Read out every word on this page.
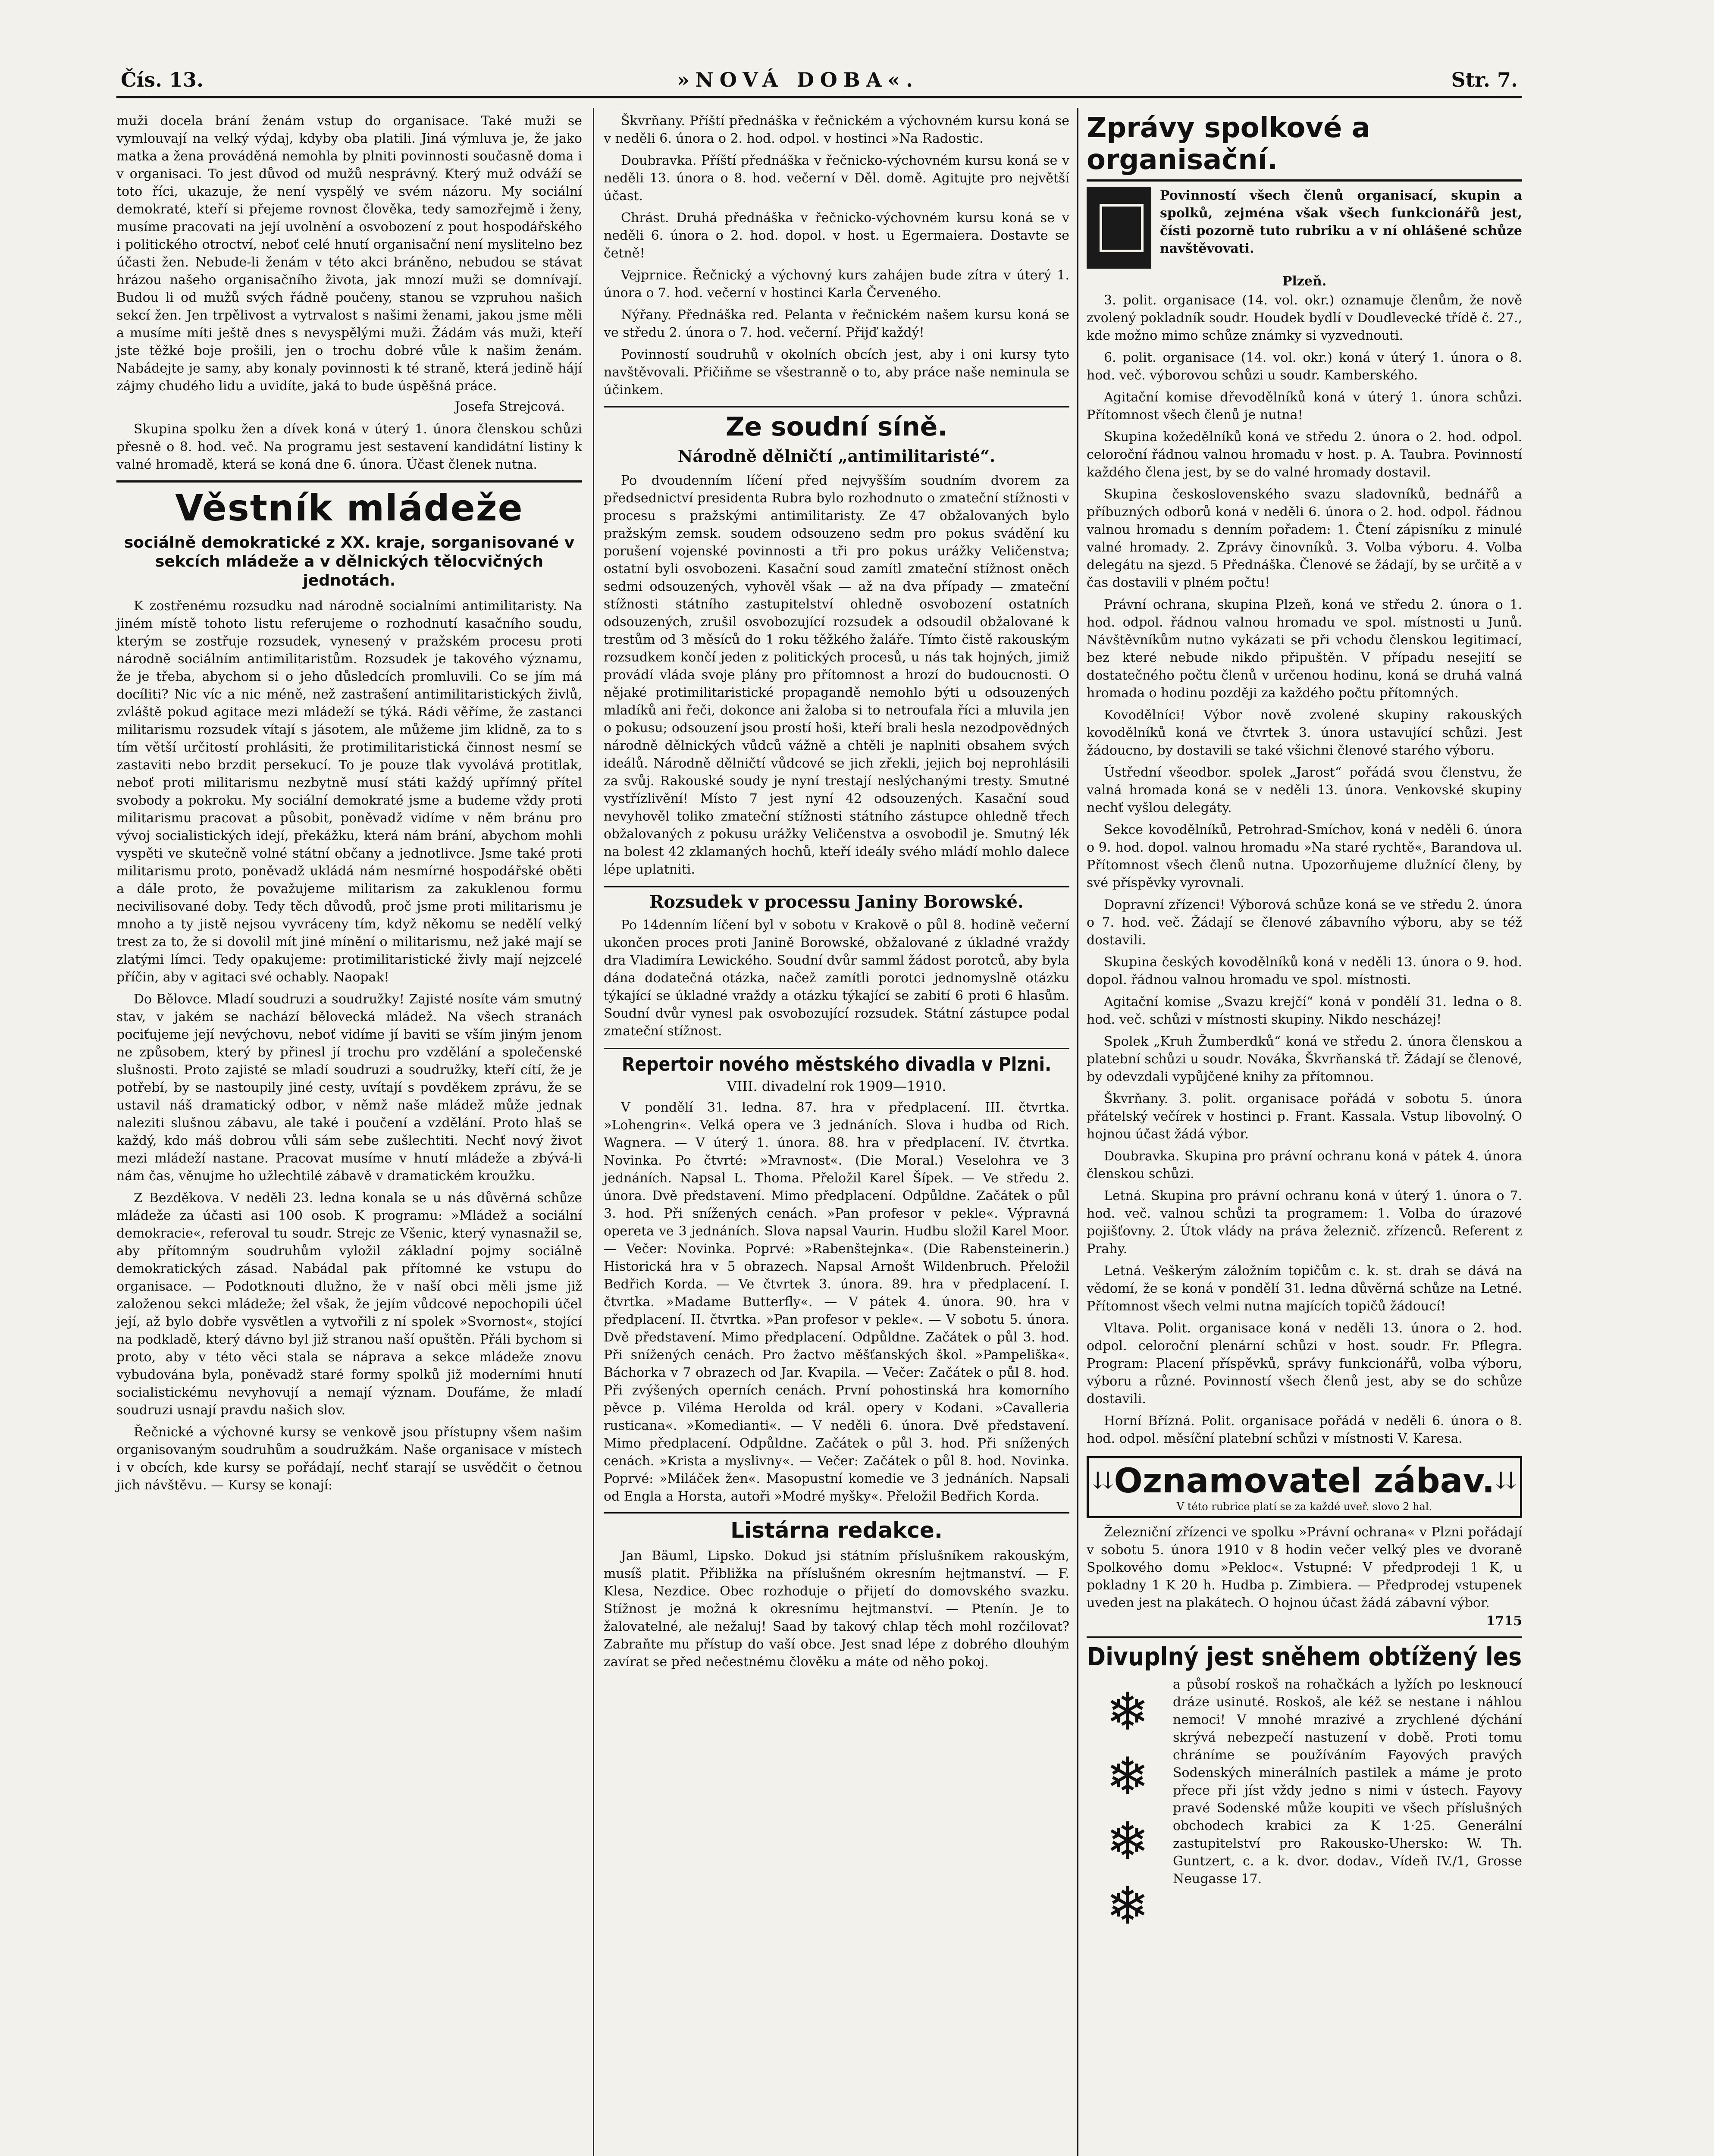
Čís. 13.	»NOVÁ DOBA«.	Str. 7.

muži docela brání ženám vstup do organisace. Také muži se vymlouvají na velký výdaj, kdyby oba platili. Jiná výmluva je, že jako matka a žena prováděná nemohla by plniti povinnosti současně doma i v organisaci. To jest důvod od mužů nesprávný. Který muž odváží se toto říci, ukazuje, že není vyspělý ve svém názoru. My sociální demokraté, kteří si přejeme rovnost člověka, tedy samozřejmě i ženy, musíme pracovati na její uvolnění a osvobození z pout hospodářského i politického otroctví, neboť celé hnutí organisační není myslitelno bez účasti žen. Nebude-li ženám v této akci bráněno, nebudou se stávat hrázou našeho organisačního života, jak mnozí muži se domnívají. Budou li od mužů svých řádně poučeny, stanou se vzpruhou našich sekcí žen. Jen trpělivost a vytrvalost s našimi ženami, jakou jsme měli a musíme míti ještě dnes s nevyspělými muži. Žádám vás muži, kteří jste těžké boje prošili, jen o trochu dobré vůle k našim ženám. Nabádejte je samy, aby konaly povinnosti k té straně, která jedině hájí zájmy chudého lidu a uvidíte, jaká to bude úspěšná práce.

Josefa Strejcová.

Skupina spolku žen a dívek koná v úterý 1. února členskou schůzi přesně o 8. hod. več. Na programu jest sestavení kandidátní listiny k valné hromadě, která se koná dne 6. února. Účast členek nutna.

Věstník mládeže
sociálně demokratické z XX. kraje, sorganisované v sekcích mládeže a v dělnických tělocvičných jednotách.

K zostřenému rozsudku nad národně socialními antimilitaristy. Na jiném místě tohoto listu referujeme o rozhodnutí kasačního soudu, kterým se zostřuje rozsudek, vynesený v pražském procesu proti národně sociálním antimilitaristům. Rozsudek je takového významu, že je třeba, abychom si o jeho důsledcích promluvili. Co se jím má docíliti? Nic víc a nic méně, než zastrašení antimilitaristických živlů, zvláště pokud agitace mezi mládeží se týká. Rádi věříme, že zastanci militarismu rozsudek vítají s jásotem, ale můžeme jim klidně, za to s tím větší určitostí prohlásiti, že protimilitaristická činnost nesmí se zastaviti nebo brzdit persekucí. To je pouze tlak vyvolává protitlak, neboť proti militarismu nezbytně musí státi každý upřímný přítel svobody a pokroku. My sociální demokraté jsme a budeme vždy proti militarismu pracovat a působit, poněvadž vidíme v něm bránu pro vývoj socialistických idejí, překážku, která nám brání, abychom mohli vyspěti ve skutečně volné státní občany a jednotlivce. Jsme také proti militarismu proto, poněvadž ukládá nám nesmírné hospodářské oběti a dále proto, že považujeme militarism za zakuklenou formu necivilisované doby. Tedy těch důvodů, proč jsme proti militarismu je mnoho a ty jistě nejsou vyvráceny tím, když někomu se nedělí velký trest za to, že si dovolil mít jiné mínění o militarismu, než jaké mají se zlatými límci. Tedy opakujeme: protimilitaristické živly mají nejzcelé příčin, aby v agitaci své ochably. Naopak!

Do Bělovce. Mladí soudruzi a soudružky! Zajisté nosíte vám smutný stav, v jakém se nachází bělovecká mládež. Na všech stranách pociťujeme její nevýchovu, neboť vidíme jí baviti se vším jiným jenom ne způsobem, který by přinesl jí trochu pro vzdělání a společenské slušnosti. Proto zajisté se mladí soudruzi a soudružky, kteří cítí, že je potřebí, by se nastoupily jiné cesty, uvítají s povděkem zprávu, že se ustavil náš dramatický odbor, v němž naše mládež může jednak naleziti slušnou zábavu, ale také i poučení a vzdělání. Proto hlaš se každý, kdo máš dobrou vůli sám sebe zušlechtiti. Nechť nový život mezi mládeží nastane. Pracovat musíme v hnutí mládeže a zbývá-li nám čas, věnujme ho užlechtilé zábavě v dramatickém kroužku.

Z Bezděkova. V neděli 23. ledna konala se u nás důvěrná schůze mládeže za účasti asi 100 osob. K programu: »Mládež a sociální demokracie«, referoval tu soudr. Strejc ze Všenic, který vynasnažil se, aby přítomným soudruhům vyložil základní pojmy sociálně demokratických zásad. Nabádal pak přítomné ke vstupu do organisace. — Podotknouti dlužno, že v naší obci měli jsme již založenou sekci mládeže; žel však, že jejím vůdcové nepochopili účel její, až bylo dobře vysvětlen a vytvořili z ní spolek »Svornost«, stojící na podkladě, který dávno byl již stranou naší opuštěn. Přáli bychom si proto, aby v této věci stala se náprava a sekce mládeže znovu vybudována byla, poněvadž staré formy spolků již moderními hnutí socialistickému nevyhovují a nemají význam. Doufáme, že mladí soudruzi usnají pravdu našich slov.

Řečnické a výchovné kursy se venkově jsou přístupny všem našim organisovaným soudruhům a soudružkám. Naše organisace v místech i v obcích, kde kursy se pořádají, nechť starají se usvědčit o četnou jich návštěvu. — Kursy se konají:

Škvrňany. Příští přednáška v řečnickém a výchovném kursu koná se v neděli 6. února o 2. hod. odpol. v hostinci »Na Radostic.

Doubravka. Příští přednáška v řečnicko-výchovném kursu koná se v neděli 13. února o 8. hod. večerní v Děl. domě. Agitujte pro největší účast.

Chrást. Druhá přednáška v řečnicko-výchovném kursu koná se v neděli 6. února o 2. hod. dopol. v host. u Egermaiera. Dostavte se četně!

Vejprnice. Řečnický a výchovný kurs zahájen bude zítra v úterý 1. února o 7. hod. večerní v hostinci Karla Červeného.

Nýřany. Přednáška red. Pelanta v řečnickém našem kursu koná se ve středu 2. února o 7. hod. večerní. Přijď každý!

Povinností soudruhů v okolních obcích jest, aby i oni kursy tyto navštěvovali. Přičiňme se všestranně o to, aby práce naše neminula se účinkem.

Ze soudní síně.
Národně dělničtí „antimilitaristé“.

Po dvoudenním líčení před nejvyšším soudním dvorem za předsednictví presidenta Rubra bylo rozhodnuto o zmateční stížnosti v procesu s pražskými antimilitaristy. Ze 47 obžalovaných bylo pražským zemsk. soudem odsouzeno sedm pro pokus svádění ku porušení vojenské povinnosti a tři pro pokus urážky Veličenstva; ostatní byli osvobozeni. Kasační soud zamítl zmateční stížnost oněch sedmi odsouzených, vyhověl však — až na dva případy — zmateční stížnosti státního zastupitelství ohledně osvobození ostatních odsouzených, zrušil osvobozující rozsudek a odsoudil obžalované k trestům od 3 měsíců do 1 roku těžkého žaláře. Tímto čistě rakouským rozsudkem končí jeden z politických procesů, u nás tak hojných, jimiž provádí vláda svoje plány pro přítomnost a hrozí do budoucnosti. O nějaké protimilitaristické propagandě nemohlo býti u odsouzených mladíků ani řeči, dokonce ani žaloba si to netroufala říci a mluvila jen o pokusu; odsouzení jsou prostí hoši, kteří brali hesla nezodpovědných národně dělnických vůdců vážně a chtěli je naplniti obsahem svých ideálů. Národně dělničtí vůdcové se jich zřekli, jejich boj neprohlásili za svůj. Rakouské soudy je nyní trestají neslýchanými tresty. Smutné vystřízlivění! Místo 7 jest nyní 42 odsouzených. Kasační soud nevyhověl toliko zmateční stížnosti státního zástupce ohledně třech obžalovaných z pokusu urážky Veličenstva a osvobodil je. Smutný lék na bolest 42 zklamaných hochů, kteří ideály svého mládí mohlo dalece lépe uplatniti.

Rozsudek v processu Janiny Borowské.

Po 14denním líčení byl v sobotu v Krakově o půl 8. hodině večerní ukončen proces proti Janině Borowské, obžalované z úkladné vraždy dra Vladimíra Lewického. Soudní dvůr samml žádost porotců, aby byla dána dodatečná otázka, načež zamítli porotci jednomyslně otázku týkající se úkladné vraždy a otázku týkající se zabití 6 proti 6 hlasům. Soudní dvůr vynesl pak osvobozující rozsudek. Státní zástupce podal zmateční stížnost.

Repertoir nového městského divadla v Plzni.
VIII. divadelní rok 1909—1910.

V pondělí 31. ledna. 87. hra v předplacení. III. čtvrtka. »Lohengrin«. Velká opera ve 3 jednáních. Slova i hudba od Rich. Wagnera. — V úterý 1. února. 88. hra v předplacení. IV. čtvrtka. Novinka. Po čtvrté: »Mravnost«. (Die Moral.) Veselohra ve 3 jednáních. Napsal L. Thoma. Přeložil Karel Šípek. — Ve středu 2. února. Dvě představení. Mimo předplacení. Odpůldne. Začátek o půl 3. hod. Při snížených cenách. »Pan profesor v pekle«. Výpravná opereta ve 3 jednáních. Slova napsal Vaurin. Hudbu složil Karel Moor. — Večer: Novinka. Poprvé: »Rabenštejnka«. (Die Rabensteinerin.) Historická hra v 5 obrazech. Napsal Arnošt Wildenbruch. Přeložil Bedřich Korda. — Ve čtvrtek 3. února. 89. hra v předplacení. I. čtvrtka. »Madame Butterfly«. — V pátek 4. února. 90. hra v předplacení. II. čtvrtka. »Pan profesor v pekle«. — V sobotu 5. února. Dvě představení. Mimo předplacení. Odpůldne. Začátek o půl 3. hod. Při snížených cenách. Pro žactvo měšťanských škol. »Pampeliška«. Báchorka v 7 obrazech od Jar. Kvapila. — Večer: Začátek o půl 8. hod. Při zvýšených operních cenách. První pohostinská hra komorního pěvce p. Viléma Herolda od král. opery v Kodani. »Cavalleria rusticana«. »Komedianti«. — V neděli 6. února. Dvě představení. Mimo předplacení. Odpůldne. Začátek o půl 3. hod. Při snížených cenách. »Krista a myslivny«. — Večer: Začátek o půl 8. hod. Novinka. Poprvé: »Miláček žen«. Masopustní komedie ve 3 jednáních. Napsali od Engla a Horsta, autoři »Modré myšky«. Přeložil Bedřich Korda.

Listárna redakce.

Jan Bäuml, Lipsko. Dokud jsi státním příslušníkem rakouským, musíš platit. Přibližka na příslušném okresním hejtmanství. — F. Klesa, Nezdice. Obec rozhoduje o přijetí do domovského svazku. Stížnost je možná k okresnímu hejtmanství. — Ptenín. Je to žalovatelné, ale nežaluj! Saad by takový chlap těch mohl rozčilovat? Zabraňte mu přístup do vaší obce. Jest snad lépe z dobrého dlouhým zavírat se před nečestnému člověku a máte od něho pokoj.

Zprávy spolkové a organisační.

Povinností všech členů organisací, skupin a spolků, zejména však všech funkcionářů jest, čísti pozorně tuto rubriku a v ní ohlášené schůze navštěvovati.

Plzeň.

3. polit. organisace (14. vol. okr.) oznamuje členům, že nově zvolený pokladník soudr. Houdek bydlí v Doudlevecké třídě č. 27., kde možno mimo schůze známky si vyzvednouti.

6. polit. organisace (14. vol. okr.) koná v úterý 1. února o 8. hod. več. výborovou schůzi u soudr. Kamberského.

Agitační komise dřevodělníků koná v úterý 1. února schůzi. Přítomnost všech členů je nutna!

Skupina kožedělníků koná ve středu 2. února o 2. hod. odpol. celoroční řádnou valnou hromadu v host. p. A. Taubra. Povinností každého člena jest, by se do valné hromady dostavil.

Skupina československého svazu sladovníků, bednářů a příbuzných odborů koná v neděli 6. února o 2. hod. odpol. řádnou valnou hromadu s denním pořadem: 1. Čtení zápisníku z minulé valné hromady. 2. Zprávy činovníků. 3. Volba výboru. 4. Volba delegátu na sjezd. 5 Přednáška. Členové se žádají, by se určitě a v čas dostavili v plném počtu!

Právní ochrana, skupina Plzeň, koná ve středu 2. února o 1. hod. odpol. řádnou valnou hromadu ve spol. místnosti u Junů. Návštěvníkům nutno vykázati se při vchodu členskou legitimací, bez které nebude nikdo připuštěn. V případu nesejití se dostatečného počtu členů v určenou hodinu, koná se druhá valná hromada o hodinu později za každého počtu přítomných.

Kovodělníci! Výbor nově zvolené skupiny rakouských kovodělníků koná ve čtvrtek 3. února ustavující schůzi. Jest žádoucno, by dostavili se také všichni členové starého výboru.

Ústřední všeodbor. spolek „Jarost“ pořádá svou členstvu, že valná hromada koná se v neděli 13. února. Venkovské skupiny nechť vyšlou delegáty.

Sekce kovodělníků, Petrohrad-Smíchov, koná v neděli 6. února o 9. hod. dopol. valnou hromadu »Na staré rychtě«, Barandova ul. Přítomnost všech členů nutna. Upozorňujeme dlužnící členy, by své příspěvky vyrovnali.

Dopravní zřízenci! Výborová schůze koná se ve středu 2. února o 7. hod. več. Žádají se členové zábavního výboru, aby se též dostavili.

Skupina českých kovodělníků koná v neděli 13. února o 9. hod. dopol. řádnou valnou hromadu ve spol. místnosti.

Agitační komise „Svazu krejčí“ koná v pondělí 31. ledna o 8. hod. več. schůzi v místnosti skupiny. Nikdo nescházej!

Spolek „Kruh Žumberdků“ koná ve středu 2. února členskou a platební schůzi u soudr. Nováka, Škvrňanská tř. Žádají se členové, by odevzdali vypůjčené knihy za přítomnou.

Škvrňany. 3. polit. organisace pořádá v sobotu 5. února přátelský večírek v hostinci p. Frant. Kassala. Vstup libovolný. O hojnou účast žádá výbor.

Doubravka. Skupina pro právní ochranu koná v pátek 4. února členskou schůzi.

Letná. Skupina pro právní ochranu koná v úterý 1. února o 7. hod. več. valnou schůzi ta programem: 1. Volba do úrazové pojišťovny. 2. Útok vlády na práva železnič. zřízenců. Referent z Prahy.

Letná. Veškerým záložním topičům c. k. st. drah se dává na vědomí, že se koná v pondělí 31. ledna důvěrná schůze na Letné. Přítomnost všech velmi nutna majících topičů žádoucí!

Vltava. Polit. organisace koná v neděli 13. února o 2. hod. odpol. celoroční plenární schůzi v host. soudr. Fr. Pflegra. Program: Placení příspěvků, správy funkcionářů, volba výboru, výboru a různé. Povinností všech členů jest, aby se do schůze dostavili.

Horní Břízná. Polit. organisace pořádá v neděli 6. února o 8. hod. odpol. měsíční platební schůzi v místnosti V. Karesa.

⇊	⇊
Oznamovatel zábav.
V této rubrice platí se za každé uveř. slovo 2 hal.

Železniční zřízenci ve spolku »Právní ochrana« v Plzni pořádají v sobotu 5. února 1910 v 8 hodin večer velký ples ve dvoraně Spolkového domu »Pekloc«. Vstupné: V předprodeji 1 K, u pokladny 1 K 20 h. Hudba p. Zimbiera. — Předprodej vstupenek uveden jest na plakátech. O hojnou účast žádá zábavní výbor.

1715
Divuplný jest sněhem obtížený les
❄
❄
❄
❄

a působí roskoš na rohačkách a lyžích po lesknoucí dráze usinuté. Roskoš, ale kéž se nestane i náhlou nemoci! V mnohé mrazivé a zrychlené dýchání skrývá nebezpečí nastuzení v době. Proti tomu chráníme se používáním Fayových pravých Sodenských minerálních pastilek a máme je proto přece při jíst vždy jedno s nimi v ústech. Fayovy pravé Sodenské může koupiti ve všech příslušných obchodech krabici za K 1·25. Generální zastupitelství pro Rakousko-Uhersko: W. Th. Guntzert, c. a k. dvor. dodav., Vídeň IV./1, Grosse Neugasse 17.
